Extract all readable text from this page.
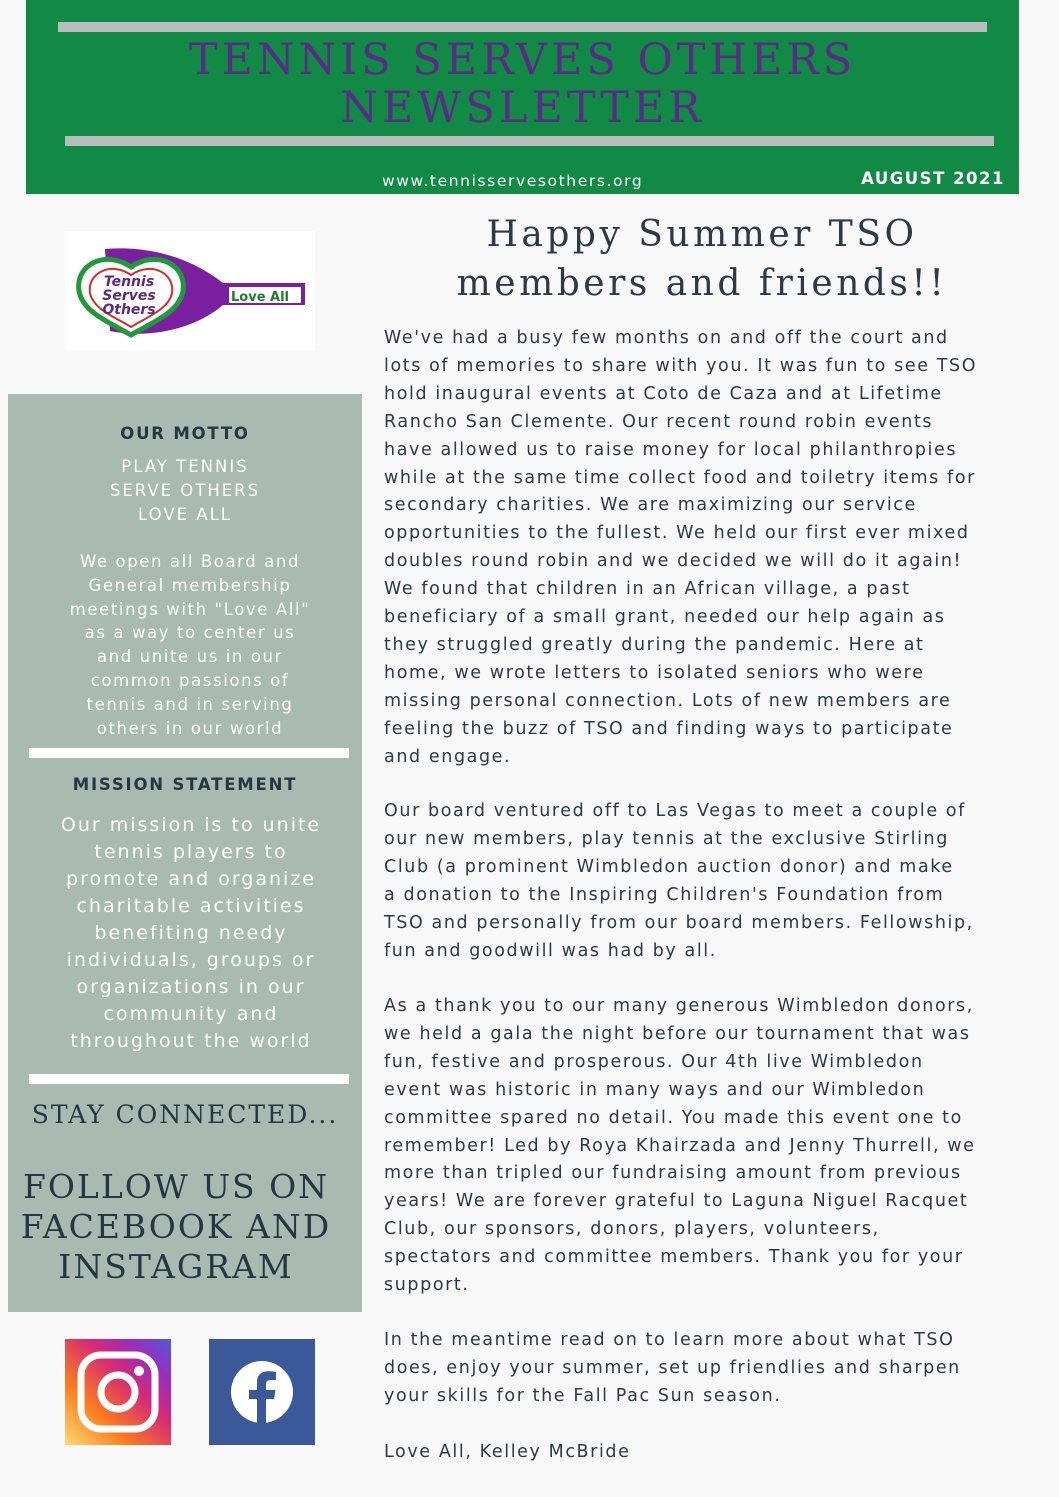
TENNIS SERVES OTHERS
NEWSLETTER
www.tennisservesothers.org	AUGUST 2021
Tennis
Serves
Others
Love All
OUR MOTTO
PLAY TENNIS
SERVE OTHERS
LOVE ALL
We open all Board and
General membership
meetings with "Love All"
as a way to center us
and unite us in our
common passions of
tennis and in serving
others in our world
MISSION STATEMENT
Our mission is to unite
tennis players to
promote and organize
charitable activities
benefiting needy
individuals, groups or
organizations in our
community and
throughout the world
STAY CONNECTED...
FOLLOW US ON
FACEBOOK AND
INSTAGRAM
Happy Summer TSO
members and friends!!
We've had a busy few months on and off the court and
lots of memories to share with you. It was fun to see TSO
hold inaugural events at Coto de Caza and at Lifetime
Rancho San Clemente. Our recent round robin events
have allowed us to raise money for local philanthropies
while at the same time collect food and toiletry items for
secondary charities. We are maximizing our service
opportunities to the fullest. We held our first ever mixed
doubles round robin and we decided we will do it again!
We found that children in an African village, a past
beneficiary of a small grant, needed our help again as
they struggled greatly during the pandemic. Here at
home, we wrote letters to isolated seniors who were
missing personal connection. Lots of new members are
feeling the buzz of TSO and finding ways to participate
and engage.
Our board ventured off to Las Vegas to meet a couple of
our new members, play tennis at the exclusive Stirling
Club (a prominent Wimbledon auction donor) and make
a donation to the Inspiring Children's Foundation from
TSO and personally from our board members. Fellowship,
fun and goodwill was had by all.
As a thank you to our many generous Wimbledon donors,
we held a gala the night before our tournament that was
fun, festive and prosperous. Our 4th live Wimbledon
event was historic in many ways and our Wimbledon
committee spared no detail. You made this event one to
remember! Led by Roya Khairzada and Jenny Thurrell, we
more than tripled our fundraising amount from previous
years! We are forever grateful to Laguna Niguel Racquet
Club, our sponsors, donors, players, volunteers,
spectators and committee members. Thank you for your
support.
In the meantime read on to learn more about what TSO
does, enjoy your summer, set up friendlies and sharpen
your skills for the Fall Pac Sun season.
Love All, Kelley McBride
